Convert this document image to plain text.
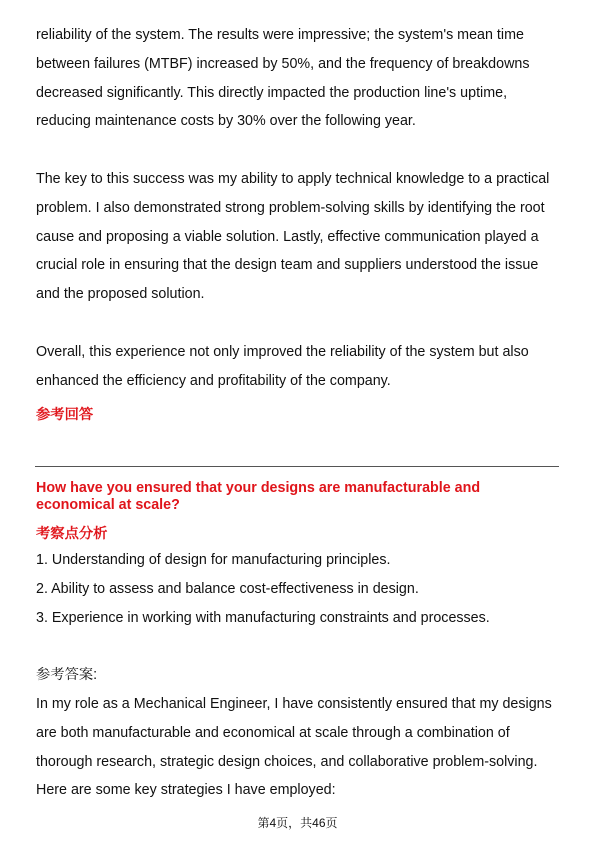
reliability of the system. The results were impressive; the system's mean time

between failures (MTBF) increased by 50%, and the frequency of breakdowns

decreased significantly. This directly impacted the production line's uptime,

reducing maintenance costs by 30% over the following year.

The key to this success was my ability to apply technical knowledge to a practical

problem. I also demonstrated strong problem-solving skills by identifying the root

cause and proposing a viable solution. Lastly, effective communication played a

crucial role in ensuring that the design team and suppliers understood the issue

and the proposed solution.

Overall, this experience not only improved the reliability of the system but also

enhanced the efficiency and profitability of the company.

参考回答
How have you ensured that your designs are manufacturable and
economical at scale?
考察点分析

1. Understanding of design for manufacturing principles.

2. Ability to assess and balance cost-effectiveness in design.

3. Experience in working with manufacturing constraints and processes.

参考答案:

In my role as a Mechanical Engineer, I have consistently ensured that my designs

are both manufacturable and economical at scale through a combination of

thorough research, strategic design choices, and collaborative problem-solving.

Here are some key strategies I have employed:

第4页，共46页
